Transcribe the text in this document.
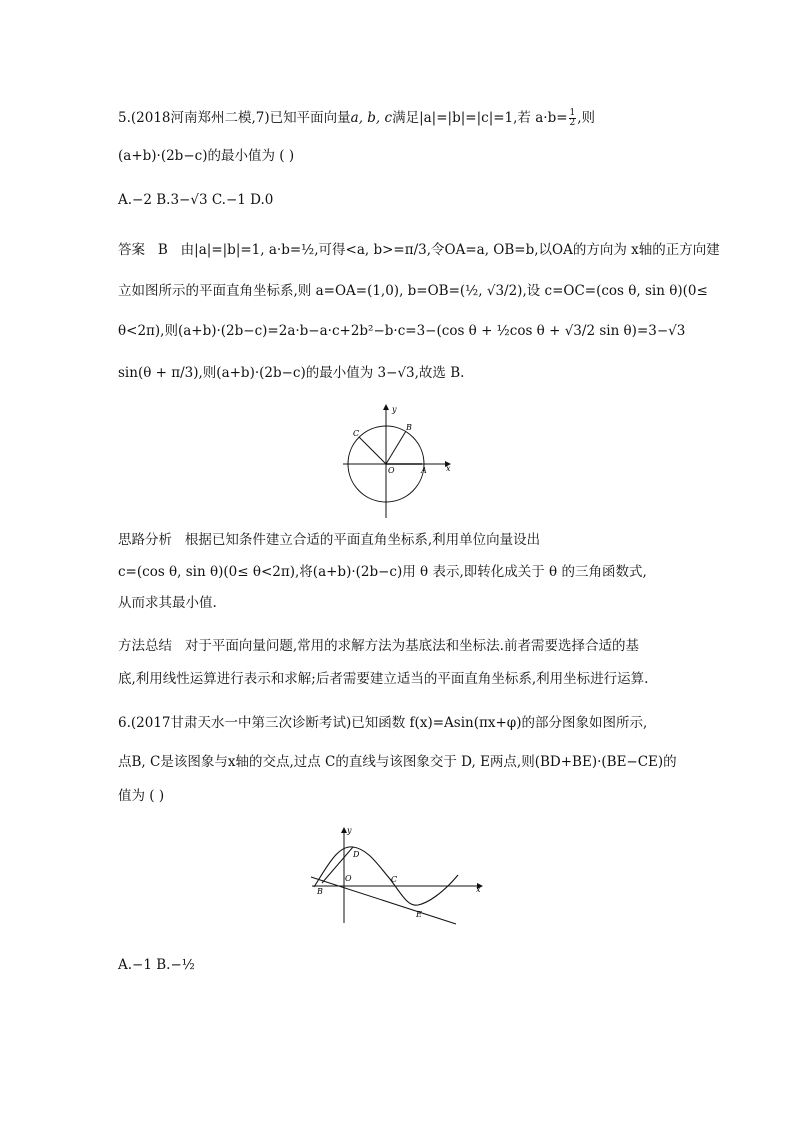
5.(2018河南郑州二模,7)已知平面向量a, b, c满足|a|=|b|=|c|=1,若 $a\cdot b= \frac{1}{2}$ ,则
(a+b)·(2b−c)的最小值为 ( )
A.−2 B.3−√3 C.−1 D.0
答案 B 由|a|=|b|=1, a·b=½,可得<a, b>=π/3,令OA=a, OB=b,以OA的方向为 x轴的正方向建
立如图所示的平面直角坐标系,则 a=OA=(1,0), b=OB=(½, √3/2),设 c=OC=(cos θ, sin θ)(0≤
θ<2π),则(a+b)·(2b−c)=2a·b−a·c+2b²−b·c=3−(cos θ + ½cos θ + √3/2 sin θ)=3−√3
sin(θ + π/3),则(a+b)·(2b−c)的最小值为 3−√3,故选 B.
y
x
O	A
B
C
思路分析 根据已知条件建立合适的平面直角坐标系,利用单位向量设出
c=(cos θ, sin θ)(0≤ θ<2π),将(a+b)·(2b−c)用 θ 表示,即转化成关于 θ 的三角函数式,
从而求其最小值.
方法总结 对于平面向量问题,常用的求解方法为基底法和坐标法.前者需要选择合适的基
底,利用线性运算进行表示和求解;后者需要建立适当的平面直角坐标系,利用坐标进行运算.
6.(2017甘肃天水一中第三次诊断考试)已知函数 f(x)=Asin(πx+φ)的部分图象如图所示,
点B, C是该图象与x轴的交点,过点 C的直线与该图象交于 D, E两点,则(BD+BE)·(BE−CE)的
值为 ( )
y
x
O
D
C
B
E
A.−1 B.−½
